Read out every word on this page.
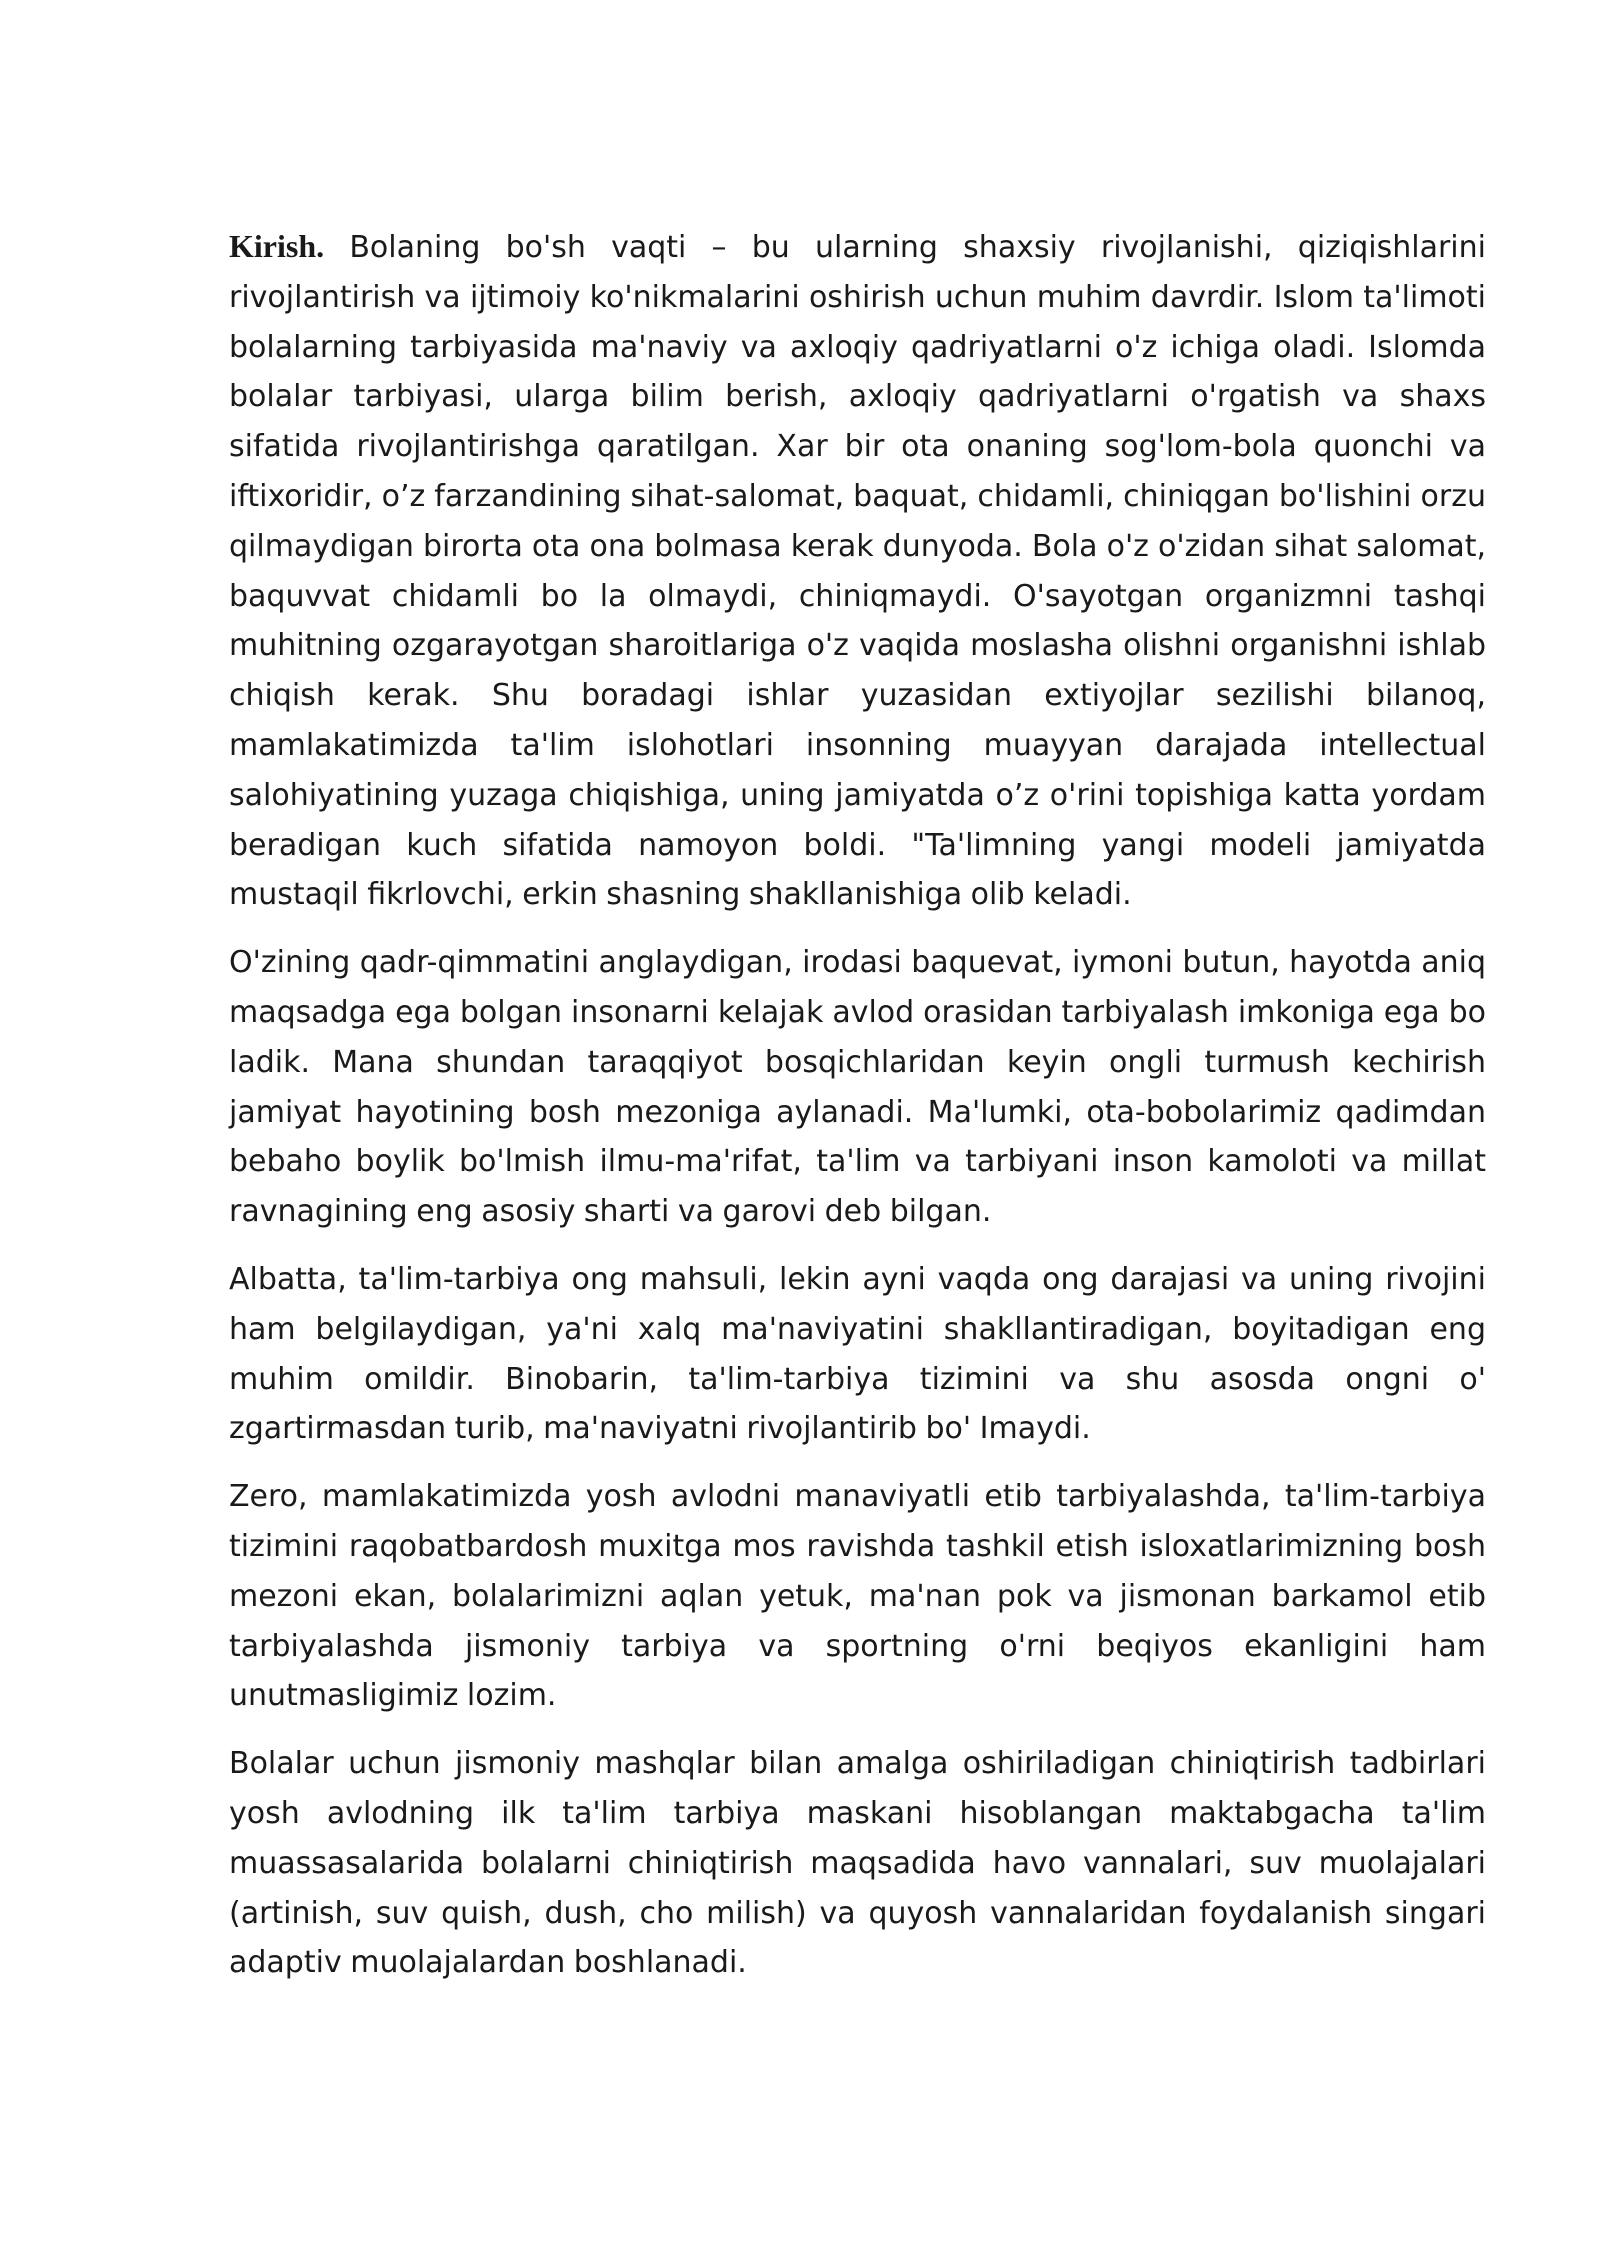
Kirish. Bolaning bo'sh vaqti – bu ularning shaxsiy rivojlanishi, qiziqishlarini rivojlantirish va ijtimoiy ko'nikmalarini oshirish uchun muhim davrdir. Islom ta'limoti bolalarning tarbiyasida ma'naviy va axloqiy qadriyatlarni o'z ichiga oladi. Islomda bolalar tarbiyasi, ularga bilim berish, axloqiy qadriyatlarni o'rgatish va shaxs sifatida rivojlantirishga qaratilgan. Xar bir ota onaning sog'lom-bola quonchi va iftixoridir, o’z farzandining sihat-salomat, baquat, chidamli, chiniqgan bo'lishini orzu qilmaydigan birorta ota ona bolmasa kerak dunyoda. Bola o'z o'zidan sihat salomat, baquvvat chidamli bo la olmaydi, chiniqmaydi. O'sayotgan organizmni tashqi muhitning ozgarayotgan sharoitlariga o'z vaqida moslasha olishni organishni ishlab chiqish kerak. Shu boradagi ishlar yuzasidan extiyojlar sezilishi bilanoq, mamlakatimizda ta'lim islohotlari insonning muayyan darajada intellectual salohiyatining yuzaga chiqishiga, uning jamiyatda o’z o'rini topishiga katta yordam beradigan kuch sifatida namoyon boldi. "Ta'limning yangi modeli jamiyatda mustaqil fikrlovchi, erkin shasning shakllanishiga olib keladi.

O'zining qadr-qimmatini anglaydigan, irodasi baquevat, iymoni butun, hayotda aniq maqsadga ega bolgan insonarni kelajak avlod orasidan tarbiyalash imkoniga ega bo ladik. Mana shundan taraqqiyot bosqichlaridan keyin ongli turmush kechirish jamiyat hayotining bosh mezoniga aylanadi. Ma'lumki, ota-bobolarimiz qadimdan bebaho boylik bo'lmish ilmu-ma'rifat, ta'lim va tarbiyani inson kamoloti va millat ravnagining eng asosiy sharti va garovi deb bilgan.

Albatta, ta'lim-tarbiya ong mahsuli, lekin ayni vaqda ong darajasi va uning rivojini ham belgilaydigan, ya'ni xalq ma'naviyatini shakllantiradigan, boyitadigan eng muhim omildir. Binobarin, ta'lim-tarbiya tizimini va shu asosda ongni o' zgartirmasdan turib, ma'naviyatni rivojlantirib bo' Imaydi.

Zero, mamlakatimizda yosh avlodni manaviyatli etib tarbiyalashda, ta'lim-tarbiya tizimini raqobatbardosh muxitga mos ravishda tashkil etish isloxatlarimizning bosh mezoni ekan, bolalarimizni aqlan yetuk, ma'nan pok va jismonan barkamol etib tarbiyalashda jismoniy tarbiya va sportning o'rni beqiyos ekanligini ham unutmasligimiz lozim.

Bolalar uchun jismoniy mashqlar bilan amalga oshiriladigan chiniqtirish tadbirlari yosh avlodning ilk ta'lim tarbiya maskani hisoblangan maktabgacha ta'lim muassasalarida bolalarni chiniqtirish maqsadida havo vannalari, suv muolajalari (artinish, suv quish, dush, cho milish) va quyosh vannalaridan foydalanish singari adaptiv muolajalardan boshlanadi.
